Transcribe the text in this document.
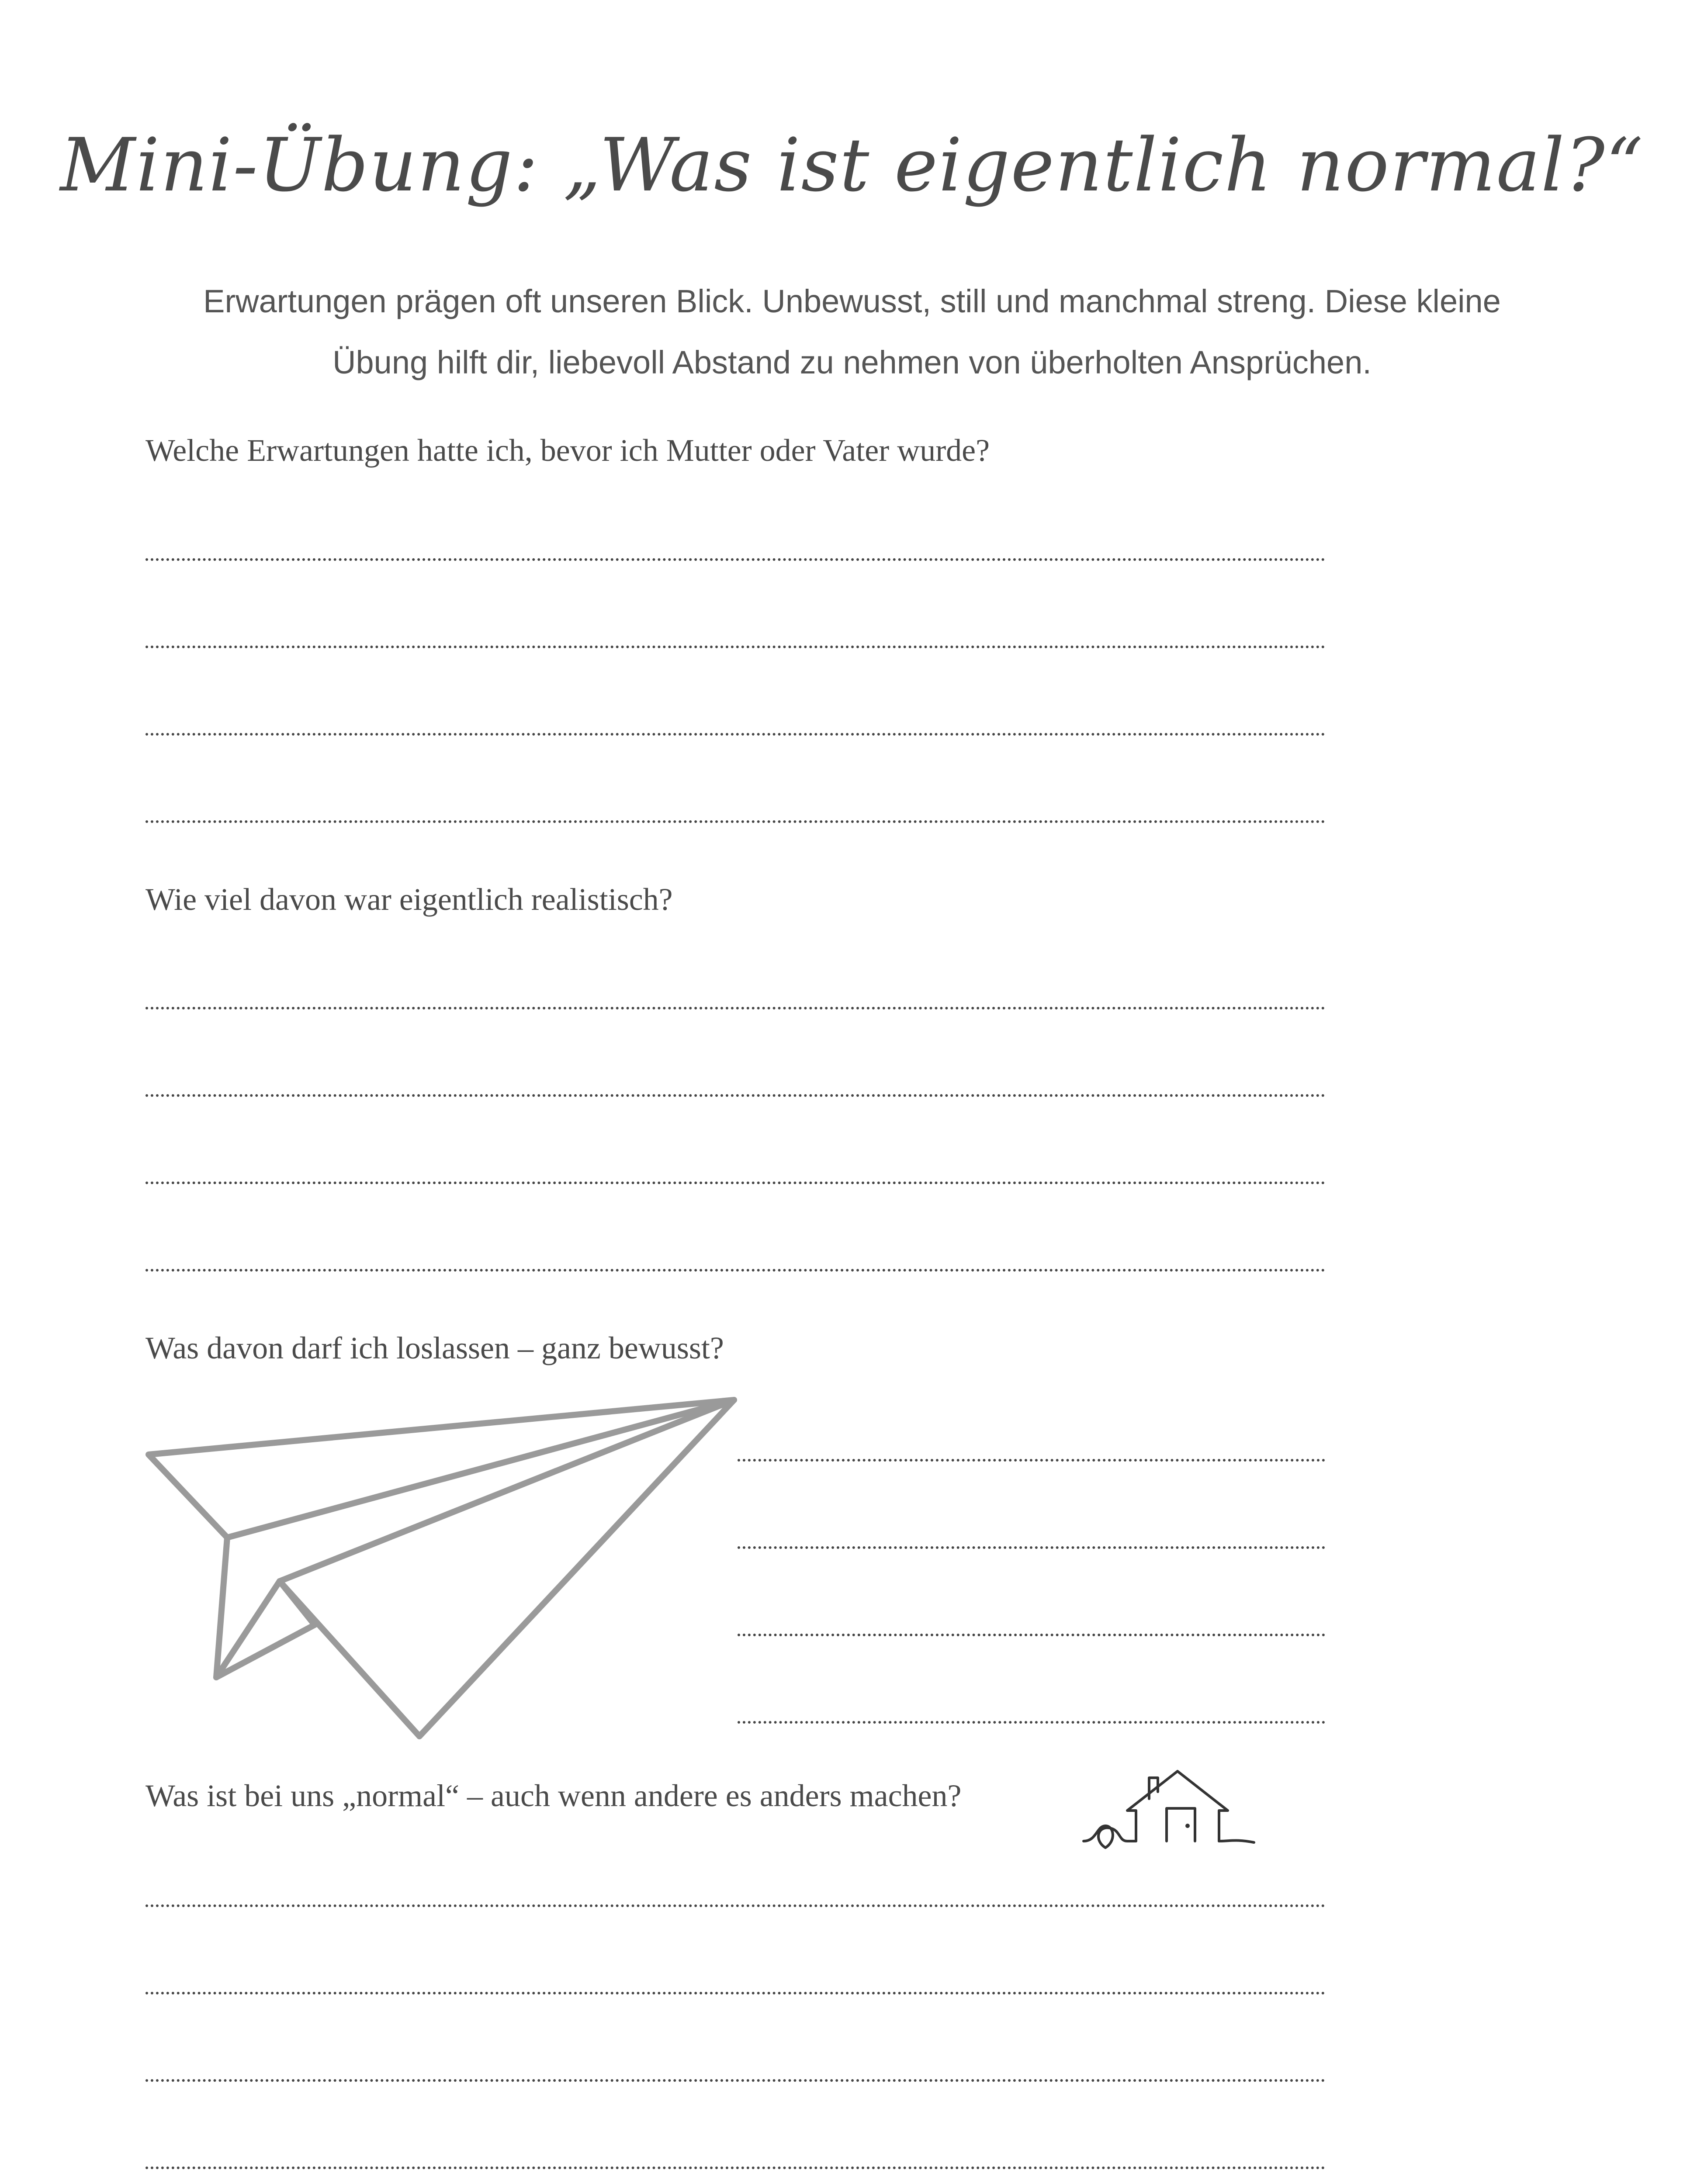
Mini-Übung: „Was ist eigentlich normal?“
Erwartungen prägen oft unseren Blick. Unbewusst, still und manchmal streng. Diese kleine
Übung hilft dir, liebevoll Abstand zu nehmen von überholten Ansprüchen.
Welche Erwartungen hatte ich, bevor ich Mutter oder Vater wurde?
Wie viel davon war eigentlich realistisch?
Was davon darf ich loslassen – ganz bewusst?
Was ist bei uns „normal“ – auch wenn andere es anders machen?
